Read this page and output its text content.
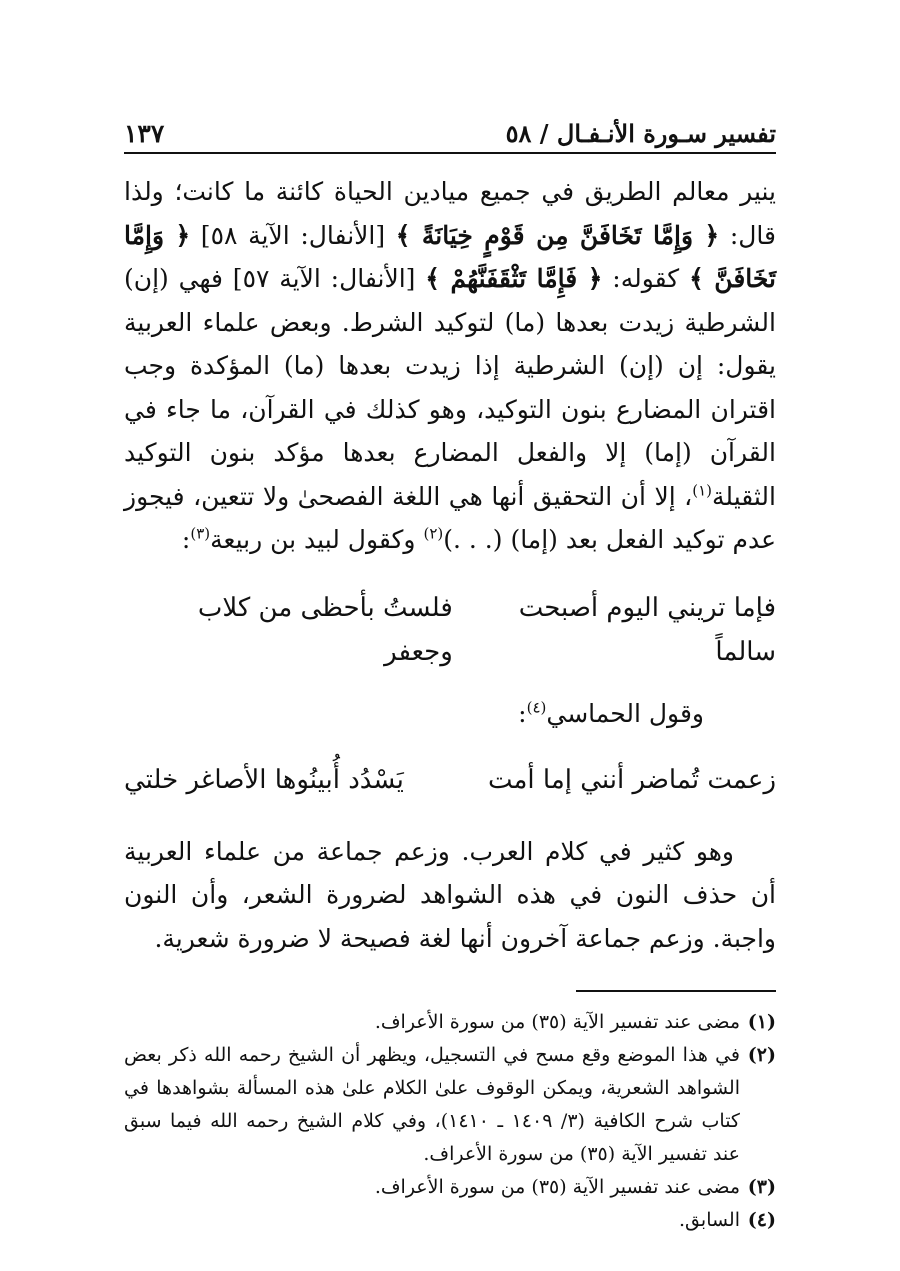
تفسير سـورة الأنـفـال / ٥٨
١٣٧

ينير معالم الطريق في جميع ميادين الحياة كائنة ما كانت؛ ولذا قال: ﴿ وَإِمَّا تَخَافَنَّ مِن قَوْمٍ خِيَانَةً ﴾ [الأنفال: الآية ٥٨] ﴿ وَإِمَّا تَخَافَنَّ ﴾ كقوله: ﴿ فَإِمَّا تَثْقَفَنَّهُمْ ﴾ [الأنفال: الآية ٥٧] فهي (إن) الشرطية زيدت بعدها (ما) لتوكيد الشرط. وبعض علماء العربية يقول: إن (إن) الشرطية إذا زيدت بعدها (ما) المؤكدة وجب اقتران المضارع بنون التوكيد، وهو كذلك في القرآن، ما جاء في القرآن (إما) إلا والفعل المضارع بعدها مؤكد بنون التوكيد الثقيلة$^{(١)}$، إلا أن التحقيق أنها هي اللغة الفصحىٰ ولا تتعين، فيجوز عدم توكيد الفعل بعد (إما) (. . .)$^{(٢)}$ وكقول لبيد بن ربيعة$^{(٣)}$:

فإما تريني اليوم أصبحت سالماً
فلستُ بأحظى من كلاب وجعفر
وقول الحماسي$^{(٤)}$:
زعمت تُماضر أنني إما أمت
يَسْدُد أُبينُوها الأصاغر خلتي

وهو كثير في كلام العرب. وزعم جماعة من علماء العربية أن حذف النون في هذه الشواهد لضرورة الشعر، وأن النون واجبة. وزعم جماعة آخرون أنها لغة فصيحة لا ضرورة شعرية.

(١)
مضى عند تفسير الآية (٣٥) من سورة الأعراف.
(٢)
في هذا الموضع وقع مسح في التسجيل، ويظهر أن الشيخ رحمه الله ذكر بعض الشواهد الشعرية، ويمكن الوقوف علىٰ الكلام علىٰ هذه المسألة بشواهدها في كتاب شرح الكافية (٣/ ١٤٠٩ ـ ١٤١٠)، وفي كلام الشيخ رحمه الله فيما سبق عند تفسير الآية (٣٥) من سورة الأعراف.
(٣)
مضى عند تفسير الآية (٣٥) من سورة الأعراف.
(٤)
السابق.
